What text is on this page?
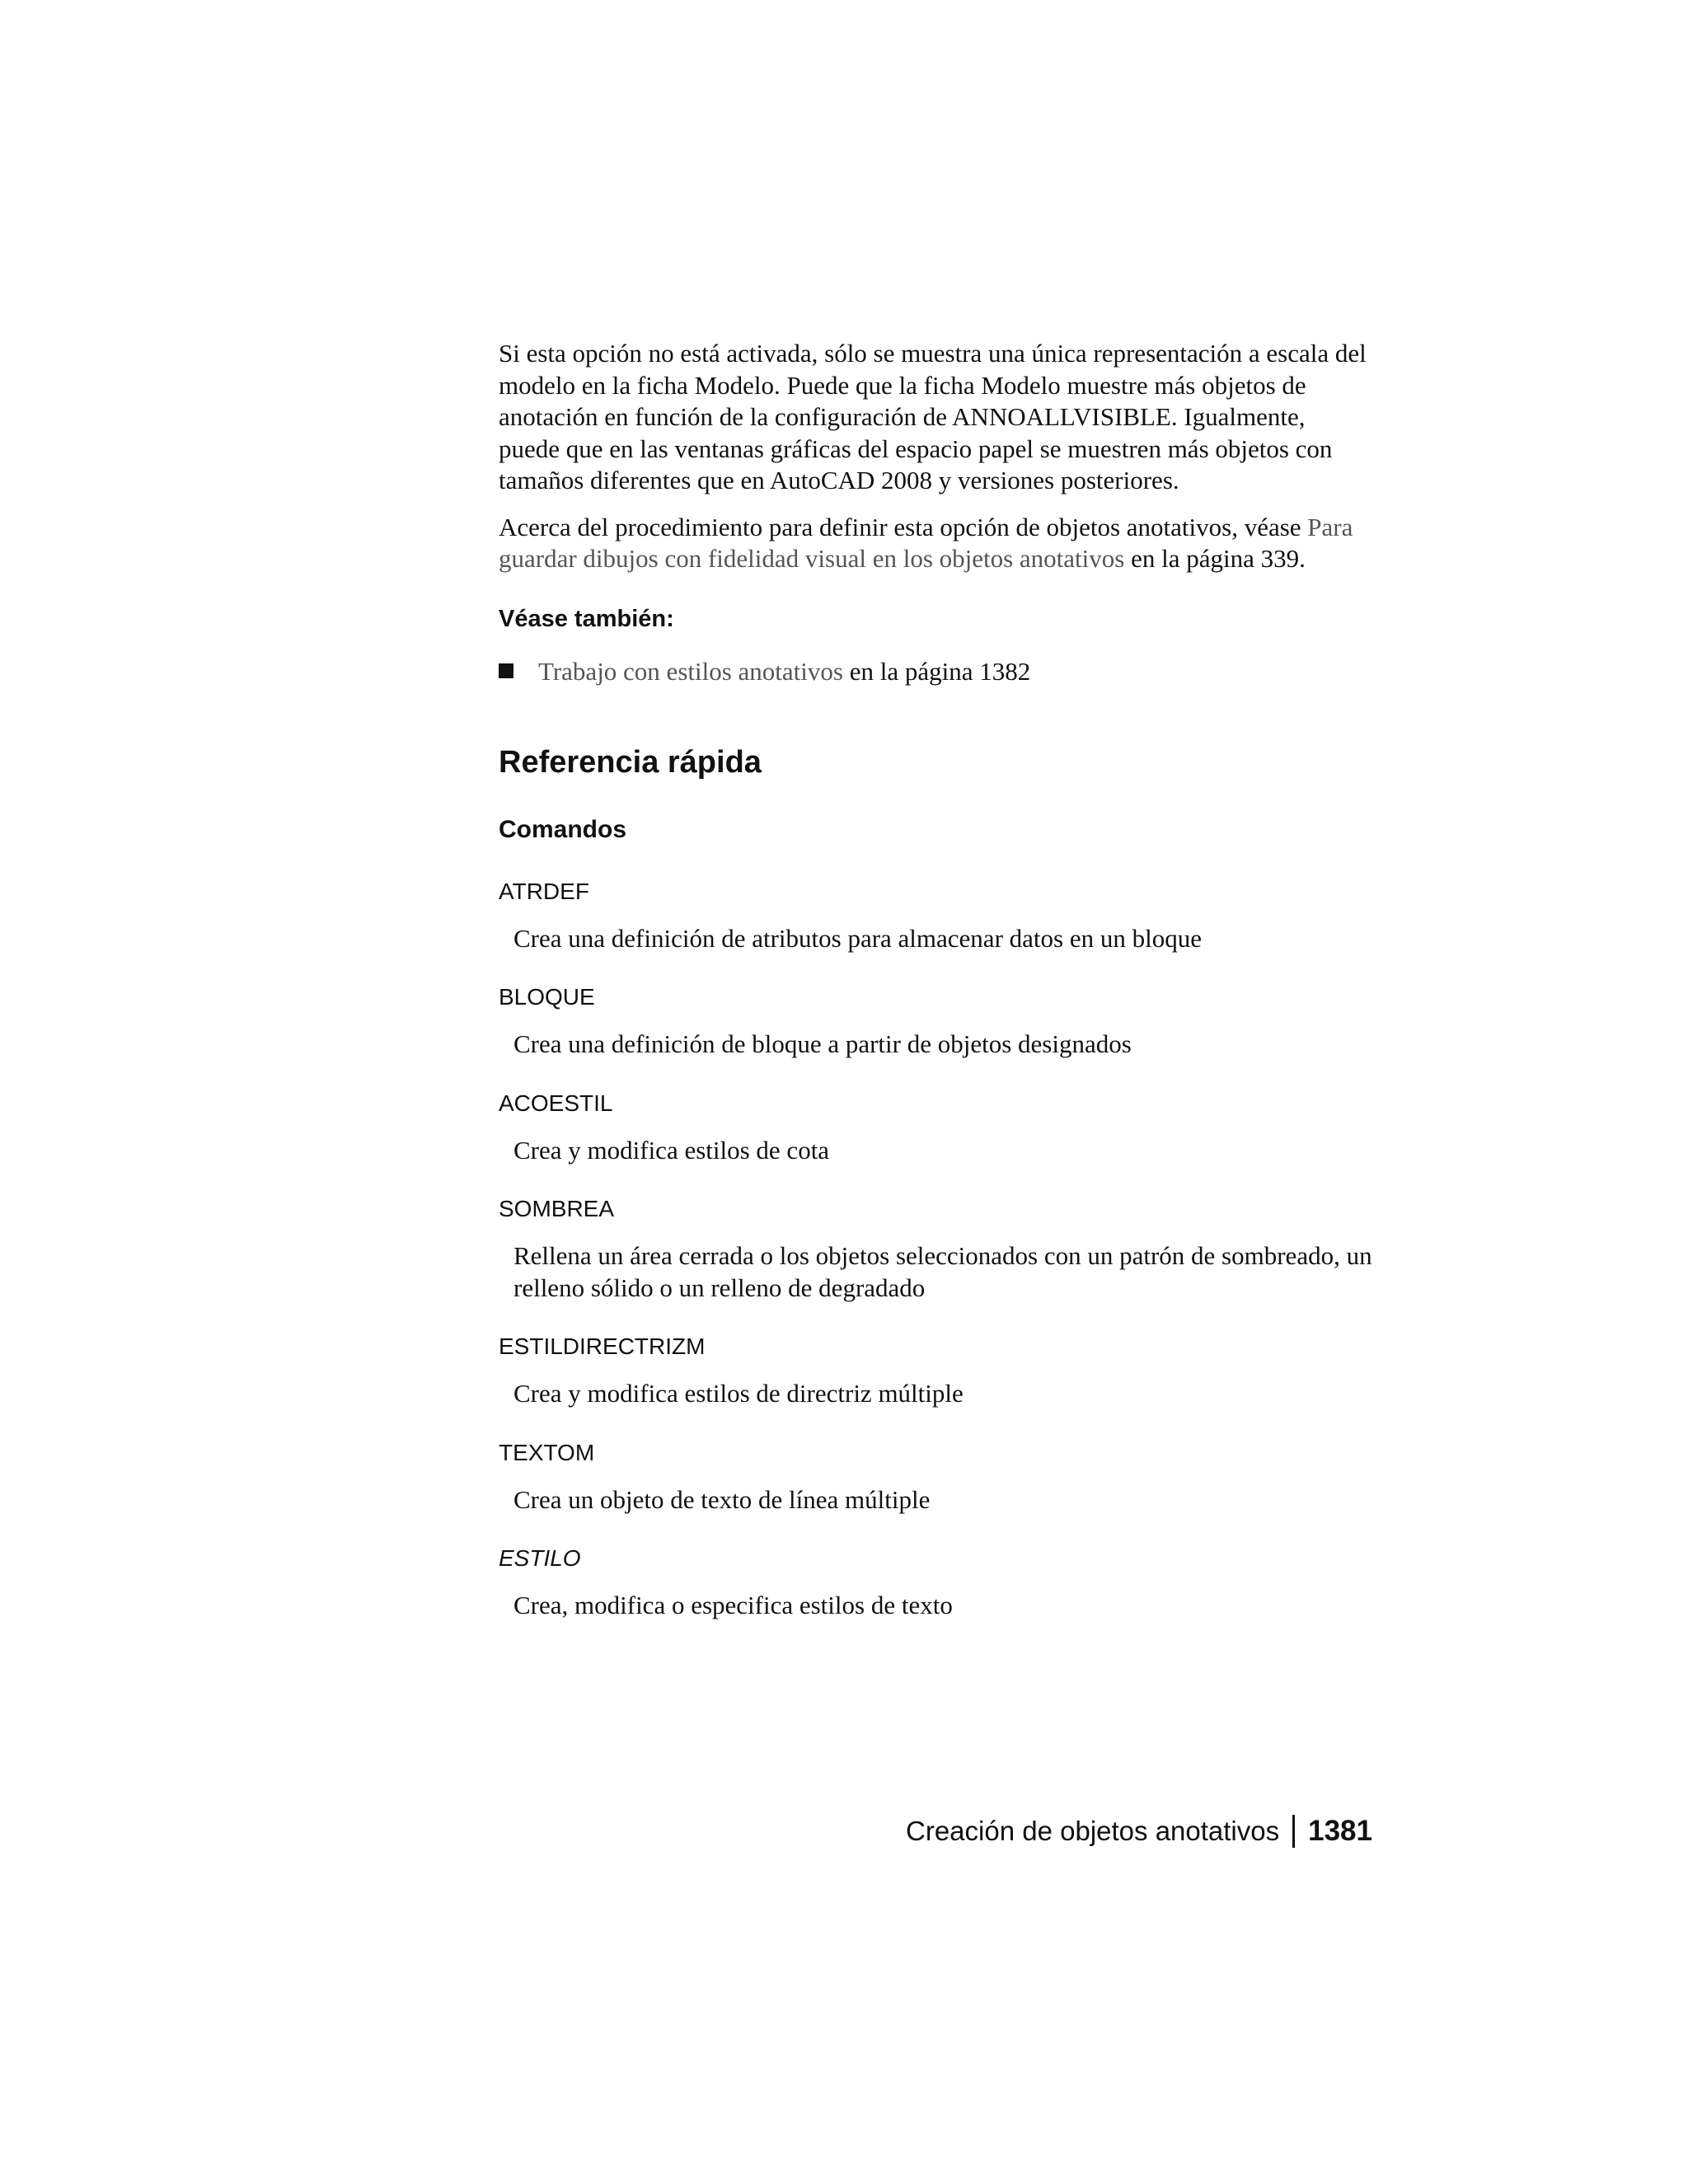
Si esta opción no está activada, sólo se muestra una única representación a escala del modelo en la ficha Modelo. Puede que la ficha Modelo muestre más objetos de anotación en función de la configuración de ANNOALLVISIBLE. Igualmente, puede que en las ventanas gráficas del espacio papel se muestren más objetos con tamaños diferentes que en AutoCAD 2008 y versiones posteriores.

Acerca del procedimiento para definir esta opción de objetos anotativos, véase Para guardar dibujos con fidelidad visual en los objetos anotativos en la página 339.

Véase también:
Trabajo con estilos anotativos en la página 1382
Referencia rápida
Comandos
ATRDEF
Crea una definición de atributos para almacenar datos en un bloque
BLOQUE
Crea una definición de bloque a partir de objetos designados
ACOESTIL
Crea y modifica estilos de cota
SOMBREA
Rellena un área cerrada o los objetos seleccionados con un patrón de sombreado, un relleno sólido o un relleno de degradado
ESTILDIRECTRIZM
Crea y modifica estilos de directriz múltiple
TEXTOM
Crea un objeto de texto de línea múltiple
ESTILO
Crea, modifica o especifica estilos de texto
Creación de objetos anotativos 1381
